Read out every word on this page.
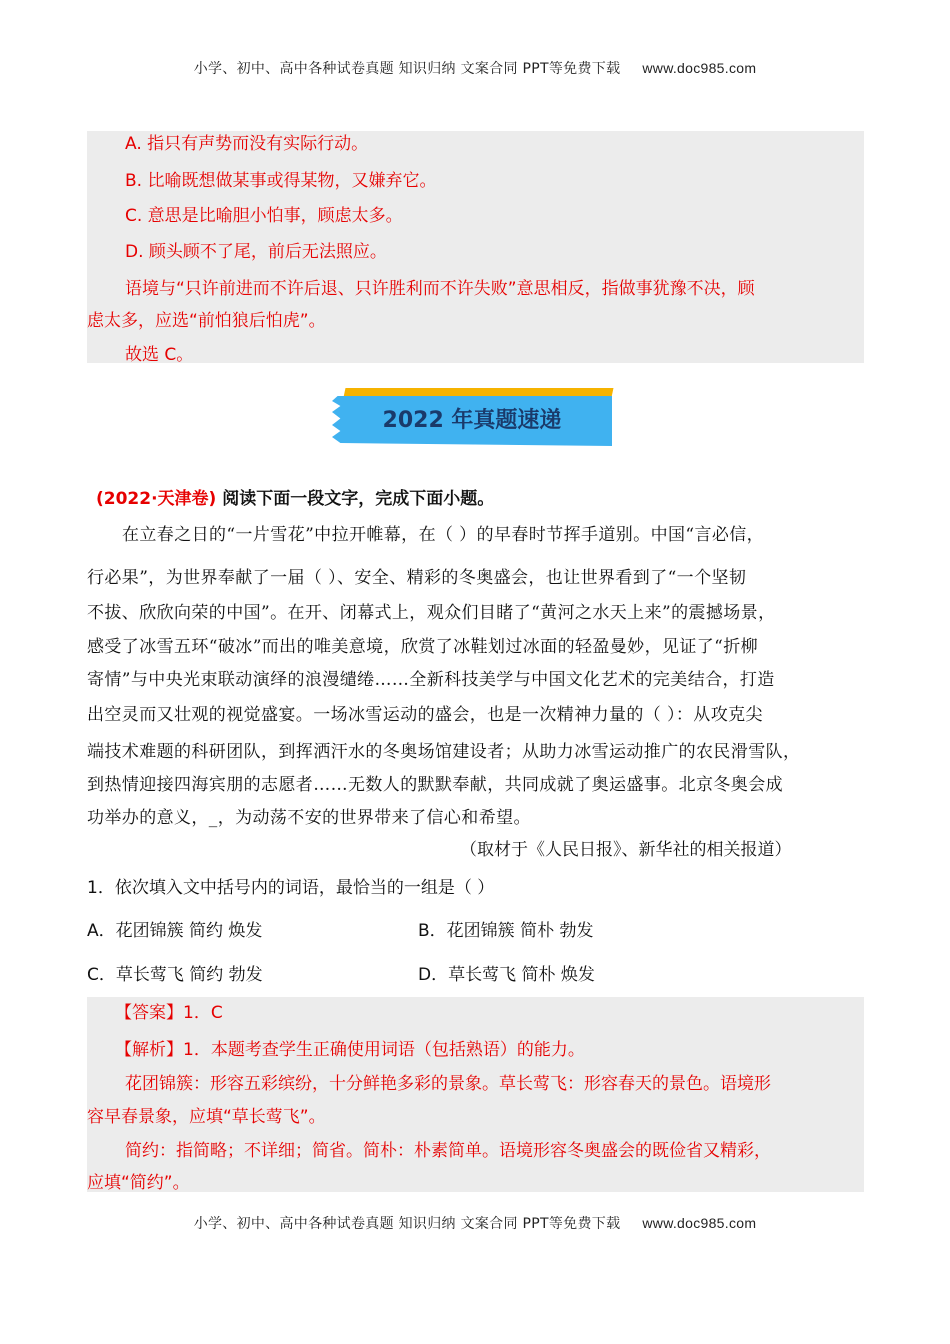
小学、初中、高中各种试卷真题 知识归纳 文案合同 PPT等免费下载 www.doc985.com
A. 指只有声势而没有实际行动。
B. 比喻既想做某事或得某物，又嫌弃它。
C. 意思是比喻胆小怕事，顾虑太多。
D. 顾头顾不了尾，前后无法照应。
语境与“只许前进而不许后退、只许胜利而不许失败”意思相反，指做事犹豫不决，顾
虑太多，应选“前怕狼后怕虎”。
故选 C。
2022 年真题速递
(2022·天津卷) 阅读下面一段文字，完成下面小题。
在立春之日的“一片雪花”中拉开帷幕，在（ ）的早春时节挥手道别。中国“言必信，
行必果”，为世界奉献了一届（ ）、安全、精彩的冬奥盛会，也让世界看到了“一个坚韧
不拔、欣欣向荣的中国”。在开、闭幕式上，观众们目睹了“黄河之水天上来”的震撼场景，
感受了冰雪五环“破冰”而出的唯美意境，欣赏了冰鞋划过冰面的轻盈曼妙，见证了“折柳
寄情”与中央光束联动演绎的浪漫缱绻……全新科技美学与中国文化艺术的完美结合，打造
出空灵而又壮观的视觉盛宴。一场冰雪运动的盛会，也是一次精神力量的（ ）：从攻克尖
端技术难题的科研团队，到挥洒汗水的冬奥场馆建设者；从助力冰雪运动推广的农民滑雪队，
到热情迎接四海宾朋的志愿者……无数人的默默奉献，共同成就了奥运盛事。北京冬奥会成
功举办的意义，_，为动荡不安的世界带来了信心和希望。
（取材于《人民日报》、新华社的相关报道）
1．依次填入文中括号内的词语，最恰当的一组是（ ）
A．花团锦簇 简约 焕发	B．花团锦簇 简朴 勃发
C．草长莺飞 简约 勃发	D．草长莺飞 简朴 焕发
【答案】1．C
【解析】1．本题考查学生正确使用词语（包括熟语）的能力。
花团锦簇：形容五彩缤纷，十分鲜艳多彩的景象。草长莺飞：形容春天的景色。语境形
容早春景象，应填“草长莺飞”。
简约：指简略；不详细；简省。简朴：朴素简单。语境形容冬奥盛会的既俭省又精彩，
应填“简约”。
小学、初中、高中各种试卷真题 知识归纳 文案合同 PPT等免费下载 www.doc985.com
